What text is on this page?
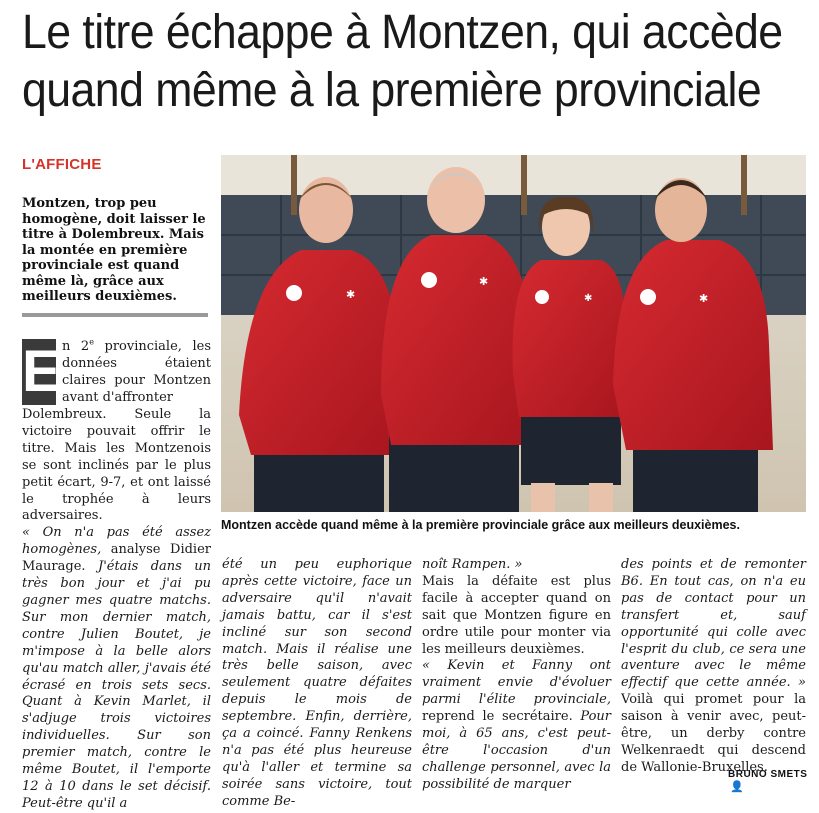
Le titre échappe à Montzen, qui accède
quand même à la première provinciale

L'AFFICHE

Montzen, trop peu homogène, doit laisser le titre à Dolembreux. Mais la montée en première provinciale est quand même là, grâce aux meilleurs deuxièmes.

E n 2e provinciale, les données étaient claires pour Montzen avant d'affronter

Dolembreux. Seule la victoire pouvait offrir le titre. Mais les Montzenois se sont inclinés par le plus petit écart, 9-7, et ont laissé le trophée à leurs adversaires.

« On n'a pas été assez homogènes, analyse Didier Maurage. J'étais dans un très bon jour et j'ai pu gagner mes quatre matchs. Sur mon dernier match, contre Julien Boutet, je m'impose à la belle alors qu'au match aller, j'avais été écrasé en trois sets secs. Quant à Kevin Marlet, il s'adjuge trois victoires individuelles. Sur son premier match, contre le même Boutet, il l'emporte 12 à 10 dans le set décisif. Peut-être qu'il a

✱
✱
✱	✱

Montzen accède quand même à la première provinciale grâce aux meilleurs deuxièmes.

été un peu euphorique après cette victoire, face un adversaire qu'il n'avait jamais battu, car il s'est incliné sur son second match. Mais il réalise une très belle saison, avec seulement quatre défaites depuis le mois de septembre. Enfin, derrière, ça a coincé. Fanny Renkens n'a pas été plus heureuse qu'à l'aller et termine sa soirée sans victoire, tout comme Be-

noît Rampen. »

Mais la défaite est plus facile à accepter quand on sait que Montzen figure en ordre utile pour monter via les meilleurs deuxièmes.

« Kevin et Fanny ont vraiment envie d'évoluer parmi l'élite provinciale, reprend le secrétaire. Pour moi, à 65 ans, c'est peut-être l'occasion d'un challenge personnel, avec la possibilité de marquer

des points et de remonter B6. En tout cas, on n'a eu pas de contact pour un transfert et, sauf opportunité qui colle avec l'esprit du club, ce sera une aventure avec le même effectif que cette année. » Voilà qui promet pour la saison à venir avec, peut-être, un derby contre Welkenraedt qui descend de Wallonie-Bruxelles.

BRUNO SMETS 👤
